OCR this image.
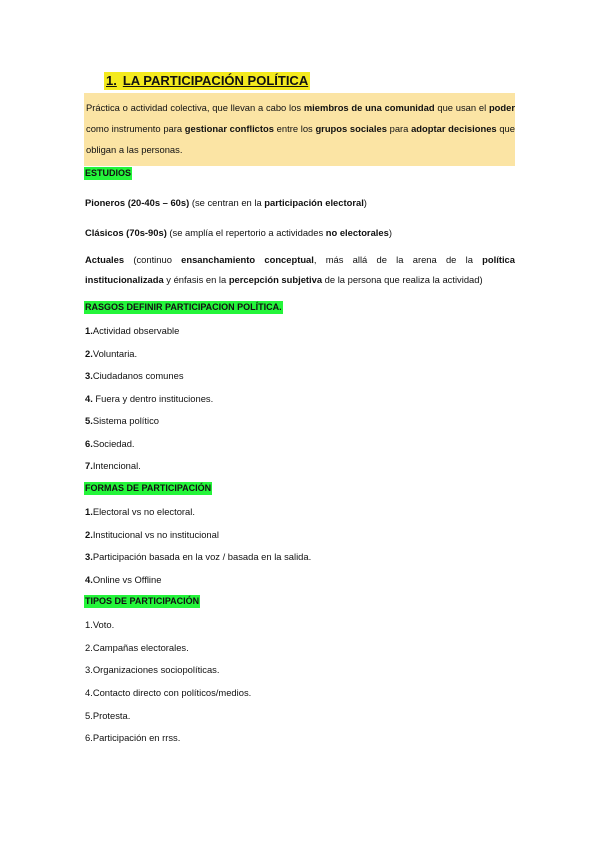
1. LA PARTICIPACIÓN POLÍTICA
Práctica o actividad colectiva, que llevan a cabo los miembros de una comunidad que usan el poder como instrumento para gestionar conflictos entre los grupos sociales para adoptar decisiones que obligan a las personas.
ESTUDIOS
Pioneros (20-40s – 60s) (se centran en la participación electoral)
Clásicos (70s-90s) (se amplía el repertorio a actividades no electorales)
Actuales (continuo ensanchamiento conceptual, más allá de la arena de la política institucionalizada y énfasis en la percepción subjetiva de la persona que realiza la actividad)
RASGOS DEFINIR PARTICIPACION POLÍTICA.
1.Actividad observable
2.Voluntaria.
3.Ciudadanos comunes
4. Fuera y dentro instituciones.
5.Sistema político
6.Sociedad.
7.Intencional.
FORMAS DE PARTICIPACIÓN
1.Electoral vs no electoral.
2.Institucional vs no institucional
3.Participación basada en la voz / basada en la salida.
4.Online vs Offline
TIPOS DE PARTICIPACIÓN
1.Voto.
2.Campañas electorales.
3.Organizaciones sociopolíticas.
4.Contacto directo con políticos/medios.
5.Protesta.
6.Participación en rrss.
